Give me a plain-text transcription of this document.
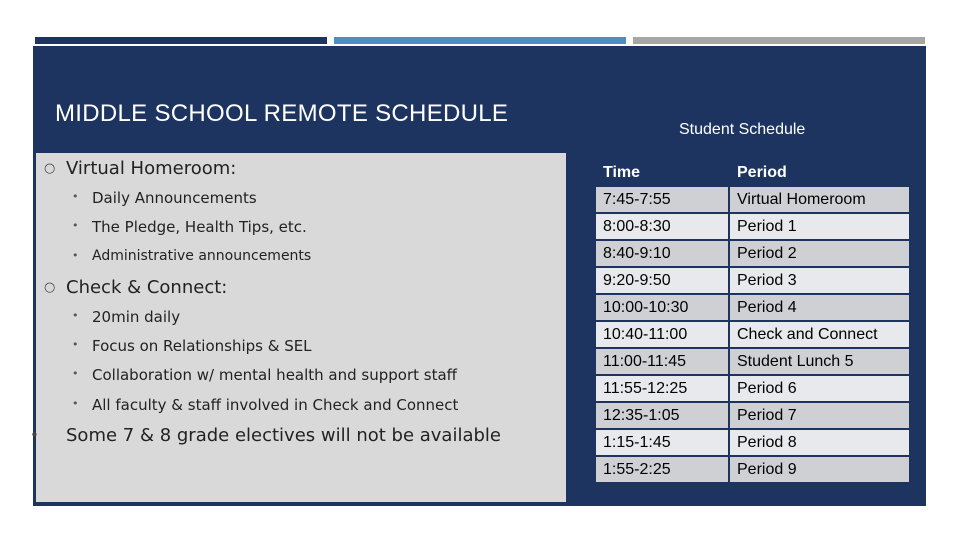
MIDDLE SCHOOL REMOTE SCHEDULE
Student Schedule
○ Virtual Homeroom:
• Daily Announcements
• The Pledge, Health Tips, etc.
• Administrative announcements
○ Check & Connect:
• 20min daily
• Focus on Relationships & SEL
• Collaboration w/ mental health and support staff
• All faculty & staff involved in Check and Connect
• Some 7 & 8 grade electives will not be available
Time	Period
7:45-7:55	Virtual Homeroom
8:00-8:30	Period 1
8:40-9:10	Period 2
9:20-9:50	Period 3
10:00-10:30	Period 4
10:40-11:00	Check and Connect
11:00-11:45	Student Lunch 5
11:55-12:25	Period 6
12:35-1:05	Period 7
1:15-1:45	Period 8
1:55-2:25	Period 9
